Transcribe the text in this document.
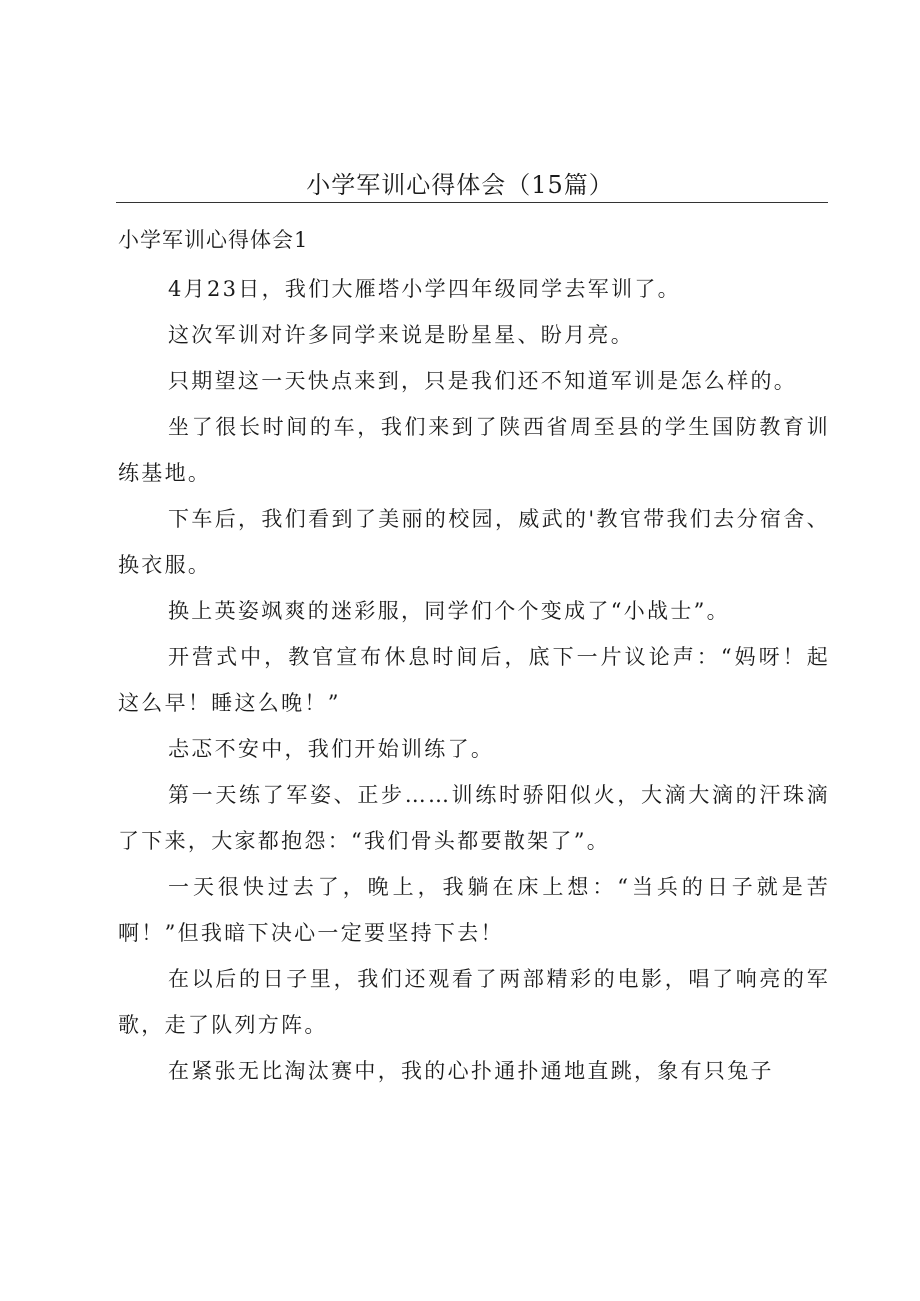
小学军训心得体会（15篇）
小学军训心得体会1

4月23日，我们大雁塔小学四年级同学去军训了。

这次军训对许多同学来说是盼星星、盼月亮。

只期望这一天快点来到，只是我们还不知道军训是怎么样的。

坐了很长时间的车，我们来到了陕西省周至县的学生国防教育训练基地。

下车后，我们看到了美丽的校园，威武的'教官带我们去分宿舍、换衣服。

换上英姿飒爽的迷彩服，同学们个个变成了“小战士”。

开营式中，教官宣布休息时间后，底下一片议论声：“妈呀！起这么早！睡这么晚！”

忐忑不安中，我们开始训练了。

第一天练了军姿、正步……训练时骄阳似火，大滴大滴的汗珠滴了下来，大家都抱怨：“我们骨头都要散架了”。

一天很快过去了，晚上，我躺在床上想：“当兵的日子就是苦啊！”但我暗下决心一定要坚持下去！

在以后的日子里，我们还观看了两部精彩的电影，唱了响亮的军歌，走了队列方阵。

在紧张无比淘汰赛中，我的心扑通扑通地直跳，象有只兔子
